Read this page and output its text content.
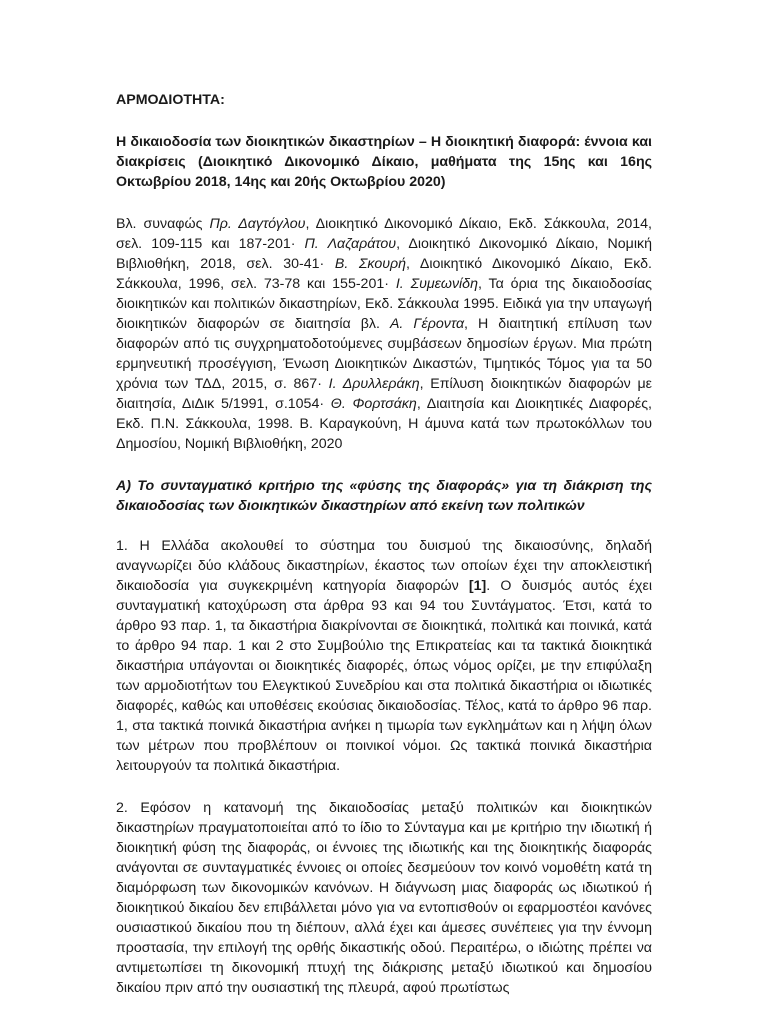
ΑΡΜΟΔΙΟΤΗΤΑ:
Η δικαιοδοσία των διοικητικών δικαστηρίων – Η διοικητική διαφορά: έννοια και διακρίσεις (Διοικητικό Δικονομικό Δίκαιο, μαθήματα της 15ης και 16ης Οκτωβρίου 2018, 14ης και 20ής Οκτωβρίου 2020)
Βλ. συναφώς Πρ. Δαγτόγλου, Διοικητικό Δικονομικό Δίκαιο, Εκδ. Σάκκουλα, 2014, σελ. 109-115 και 187-201· Π. Λαζαράτου, Διοικητικό Δικονομικό Δίκαιο, Νομική Βιβλιοθήκη, 2018, σελ. 30-41· Β. Σκουρή, Διοικητικό Δικονομικό Δίκαιο, Εκδ. Σάκκουλα, 1996, σελ. 73-78 και 155-201· Ι. Συμεωνίδη, Τα όρια της δικαιοδοσίας διοικητικών και πολιτικών δικαστηρίων, Εκδ. Σάκκουλα 1995. Ειδικά για την υπαγωγή διοικητικών διαφορών σε διαιτησία βλ. Α. Γέροντα, Η διαιτητική επίλυση των διαφορών από τις συγχρηματοδοτούμενες συμβάσεων δημοσίων έργων. Μια πρώτη ερμηνευτική προσέγγιση, Ένωση Διοικητικών Δικαστών, Τιμητικός Τόμος για τα 50 χρόνια των ΤΔΔ, 2015, σ. 867· Ι. Δρυλλεράκη, Επίλυση διοικητικών διαφορών με διαιτησία, ΔιΔικ 5/1991, σ.1054· Θ. Φορτσάκη, Διαιτησία και Διοικητικές Διαφορές, Εκδ. Π.Ν. Σάκκουλα, 1998. Β. Καραγκούνη, Η άμυνα κατά των πρωτοκόλλων του Δημοσίου, Νομική Βιβλιοθήκη, 2020
Α) Το συνταγματικό κριτήριο της «φύσης της διαφοράς» για τη διάκριση της δικαιοδοσίας των διοικητικών δικαστηρίων από εκείνη των πολιτικών
1. Η Ελλάδα ακολουθεί το σύστημα του δυισμού της δικαιοσύνης, δηλαδή αναγνωρίζει δύο κλάδους δικαστηρίων, έκαστος των οποίων έχει την αποκλειστική δικαιοδοσία για συγκεκριμένη κατηγορία διαφορών [1]. Ο δυισμός αυτός έχει συνταγματική κατοχύρωση στα άρθρα 93 και 94 του Συντάγματος. Έτσι, κατά το άρθρο 93 παρ. 1, τα δικαστήρια διακρίνονται σε διοικητικά, πολιτικά και ποινικά, κατά το άρθρο 94 παρ. 1 και 2 στο Συμβούλιο της Επικρατείας και τα τακτικά διοικητικά δικαστήρια υπάγονται οι διοικητικές διαφορές, όπως νόμος ορίζει, με την επιφύλαξη των αρμοδιοτήτων του Ελεγκτικού Συνεδρίου και στα πολιτικά δικαστήρια οι ιδιωτικές διαφορές, καθώς και υποθέσεις εκούσιας δικαιοδοσίας. Τέλος, κατά το άρθρο 96 παρ. 1, στα τακτικά ποινικά δικαστήρια ανήκει η τιμωρία των εγκλημάτων και η λήψη όλων των μέτρων που προβλέπουν οι ποινικοί νόμοι. Ως τακτικά ποινικά δικαστήρια λειτουργούν τα πολιτικά δικαστήρια.
2. Εφόσον η κατανομή της δικαιοδοσίας μεταξύ πολιτικών και διοικητικών δικαστηρίων πραγματοποιείται από το ίδιο το Σύνταγμα και με κριτήριο την ιδιωτική ή διοικητική φύση της διαφοράς, οι έννοιες της ιδιωτικής και της διοικητικής διαφοράς ανάγονται σε συνταγματικές έννοιες οι οποίες δεσμεύουν τον κοινό νομοθέτη κατά τη διαμόρφωση των δικονομικών κανόνων. Η διάγνωση μιας διαφοράς ως ιδιωτικού ή διοικητικού δικαίου δεν επιβάλλεται μόνο για να εντοπισθούν οι εφαρμοστέοι κανόνες ουσιαστικού δικαίου που τη διέπουν, αλλά έχει και άμεσες συνέπειες για την έννομη προστασία, την επιλογή της ορθής δικαστικής οδού. Περαιτέρω, ο ιδιώτης πρέπει να αντιμετωπίσει τη δικονομική πτυχή της διάκρισης μεταξύ ιδιωτικού και δημοσίου δικαίου πριν από την ουσιαστική της πλευρά, αφού πρωτίστως
